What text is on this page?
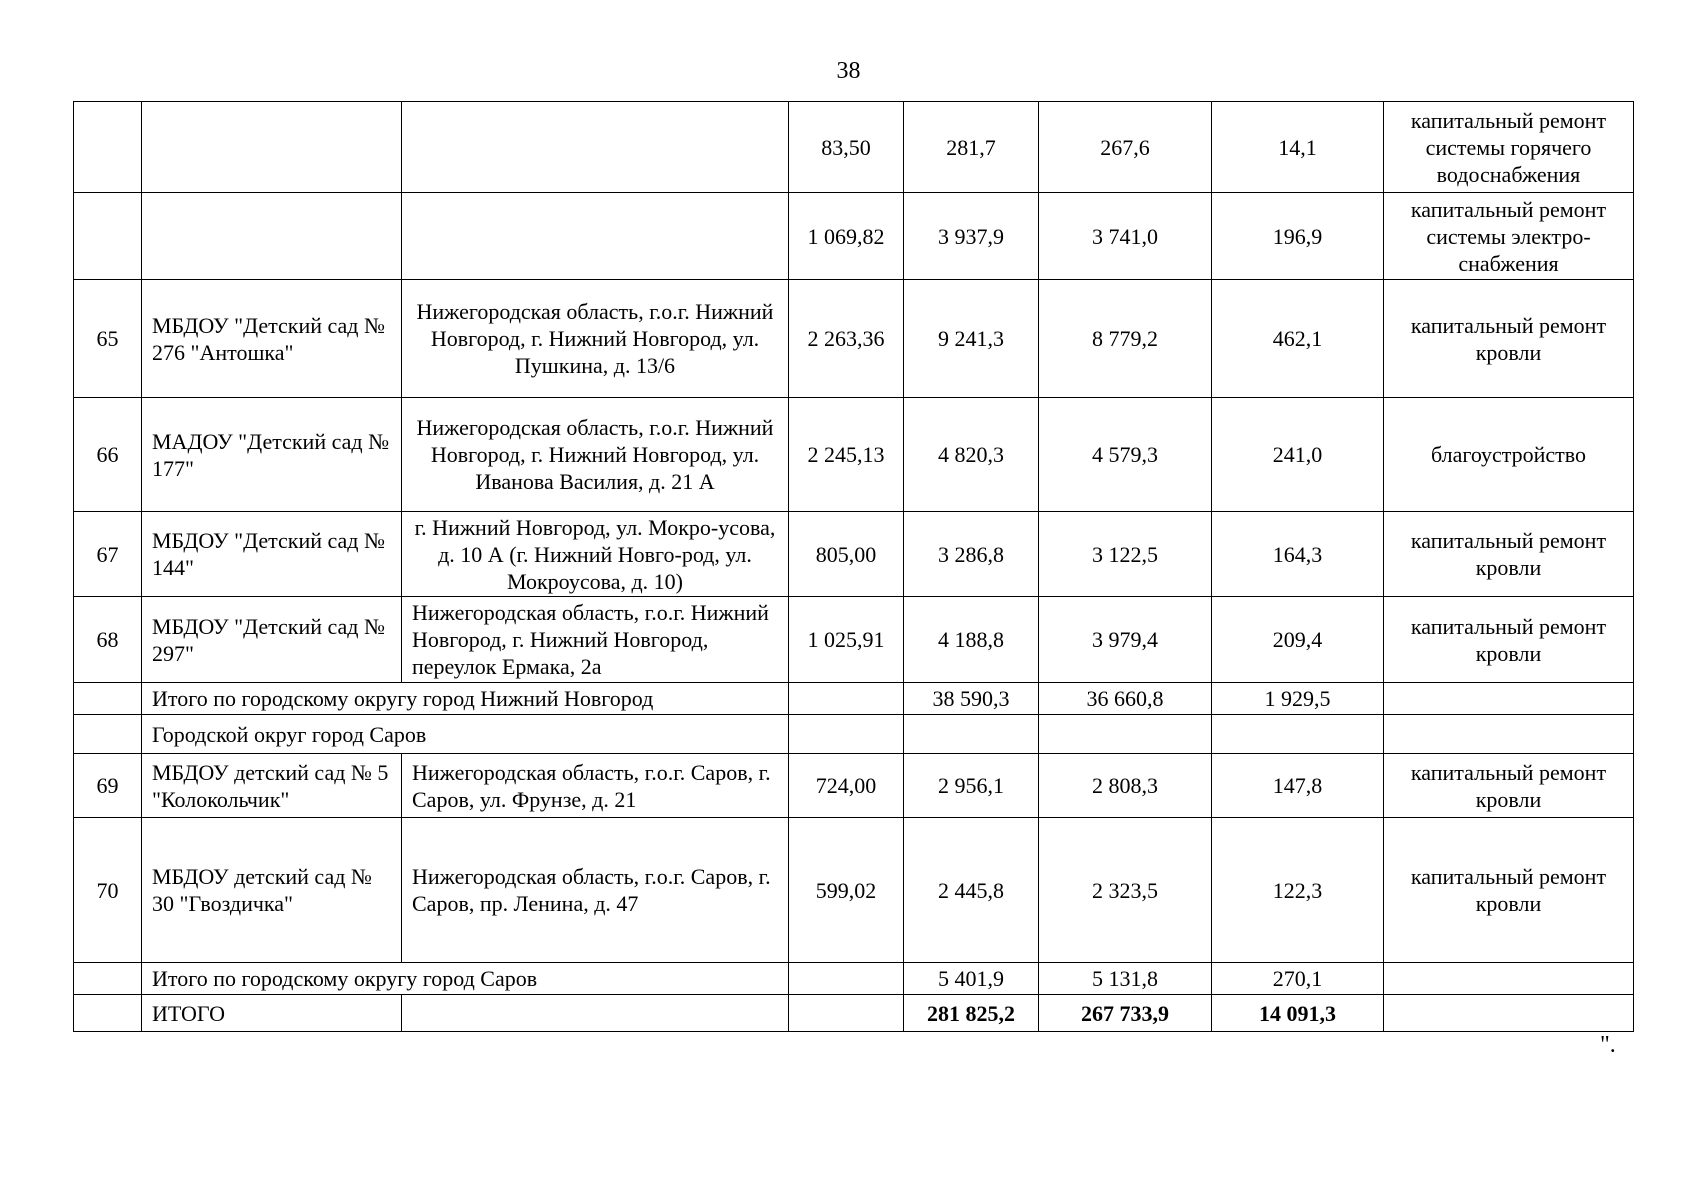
38
			83,50	281,7	267,6	14,1	капитальный ремонт системы горячего водоснабжения
			1 069,82	3 937,9	3 741,0	196,9	капитальный ремонт системы электро-снабжения
65	МБДОУ "Детский сад № 276 "Антошка"	Нижегородская область, г.о.г. Нижний Новгород, г. Нижний Новгород, ул. Пушкина, д. 13/6	2 263,36	9 241,3	8 779,2	462,1	капитальный ремонт кровли
66	МАДОУ "Детский сад № 177"	Нижегородская область, г.о.г. Нижний Новгород, г. Нижний Новгород, ул. Иванова Василия, д. 21 А	2 245,13	4 820,3	4 579,3	241,0	благоустройство
67	МБДОУ "Детский сад № 144"	г. Нижний Новгород, ул. Мокро-усова, д. 10 А (г. Нижний Новго-род, ул. Мокроусова, д. 10)	805,00	3 286,8	3 122,5	164,3	капитальный ремонт кровли
68	МБДОУ "Детский сад № 297"	Нижегородская область, г.о.г. Нижний Новгород, г. Нижний Новгород, переулок Ермака, 2а	1 025,91	4 188,8	3 979,4	209,4	капитальный ремонт кровли
	Итого по городскому округу город Нижний Новгород			38 590,3	36 660,8	1 929,5	
	Городской округ город Саров						
69	МБДОУ детский сад № 5 "Колокольчик"	Нижегородская область, г.о.г. Саров, г. Саров, ул. Фрунзе, д. 21	724,00	2 956,1	2 808,3	147,8	капитальный ремонт кровли
70	МБДОУ детский сад № 30 "Гвоздичка"	Нижегородская область, г.о.г. Саров, г. Саров, пр. Ленина, д. 47	599,02	2 445,8	2 323,5	122,3	капитальный ремонт кровли
	Итого по городскому округу город Саров			5 401,9	5 131,8	270,1	
	ИТОГО			281 825,2	267 733,9	14 091,3	
".
